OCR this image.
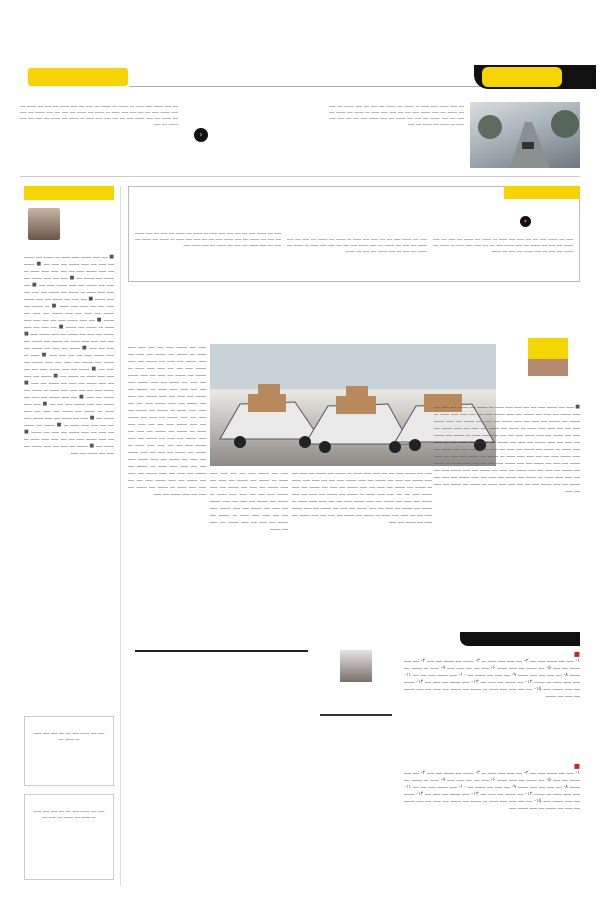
ــــ ـــــ ـــــــ ـــــ ــــــ ـــ ـــــــ ــــ ـــــــ ــــ ـــــ ــــ ـــــ ـــــــ ــــ ـــــ ــــ ـــــــ ــــ ـــــ ـــــــ ـــــ ــــ ــــ ـــــ ـــــ ــــــ ـــ ـــــــ ــــ ـــــــ ــــ ـــــ ــــ ـــــ ـــــــ ــــ ـــــ ــــ ـــــــ ــــ ـــــ ـــــــ ـــــ ــــ ــــ ـــــ ـــــ ــــــ ـــ ـــــــ ــــ ـــــــ ــــ ـــــ
‹
ــــ ـــــ ـــــــ ـــــ ــــــ ـــ ـــــــ ــــ ـــــــ ــــ ـــــ ــــ ـــــ ـــــــ ــــ ـــــ ــــ ـــــــ ــــ ـــــ ـــــــ ـــــ ــــ ــــ ـــــ ـــــ ــــــ ـــ ـــــــ ــــ ـــــــ ــــ ـــــ ــــ ـــــ ـــــــ ــــ ـــــ ــــ ـــــــ ــــ ـــــ ـــــــ ـــــ ــــ ــــ ـــــ ـــــ ــــــ ـــ ـــــــ ــــ ـــــــ ــــ ـــــ ــــ ـــــ ـــــــ ــــ ـــــ
■ ــــ ـــــ ـــــــ ـــــ ــــــ ـــ ـــــــ ــــ ـــــــ ــــ ـــــ ــــ ـــــ ـــــــ ــــ ـــــ ــــ ■ ـــــــ ــــ ـــــ ـــــــ ـــــ ــــ ــــ ـــــ ـــــ ــــــ ـــ ـــــــ ــــ ـــــــ ــــ ■ ـــــ ــــ ـــــ ـــــــ ــــ ـــــ ــــ ـــــــ ــــ ـــــ ـــــــ ـــــ ــــ ■ ــــ ـــــ ـــــ ــــــ ـــ ـــــــ ــــ ـــــــ ــــ ـــــ ــــ ـــــ ـــــــ ■ ــــ ـــــ ــــ ـــــــ ــــ ـــــ ـــــــ ـــــ ــــ ــــ ـــــ ـــــ ــــــ ■ ـــ ـــــــ ــــ ـــــــ ــــ ـــــ ــــ ـــــ ـــــــ ــــ ـــــ ــــ ـــــــ ■ ــــ ـــــ ـــــــ ـــــ ــــ ــــ ـــــ ـــــ ــــــ ـــ ـــــــ ــــ ـــــــ ■ ــــ ـــــ ــــ ـــــ ـــــــ ــــ ـــــ ــــ ـــــــ ــــ ـــــ ـــــــ ـــــ ■ ــــ ــــ ـــــ ـــــ ــــــ ـــ ـــــــ ــــ ـــــــ ــــ ـــــ ــــ ـــــ ■ ـــــــ ــــ ـــــ ــــ ـــــــ ــــ ـــــ ـــــــ ـــــ ــــ ــــ ـــــ ـــــ ■ ــــــ ـــ ـــــــ ــــ ـــــــ ــــ ـــــ ــــ ـــــ ـــــــ ــــ ـــــ ــــ ■ ـــــــ ــــ ـــــ ـــــــ ـــــ ــــ ــــ ـــــ ـــــ ــــــ ـــ ـــــــ ــــ ■ ـــــــ ــــ ـــــ ــــ ـــــ ـــــــ ــــ ـــــ ــــ ـــــــ ــــ ـــــ ■ ـــــــ ـــــ ــــ ــــ ـــــ ـــــ ــــــ ـــ ـــــــ ــــ ـــــــ ــــ ـــــ ■ ــــ ـــــ ـــــــ ــــ ـــــ ــــ ـــــــ ــــ ـــــ ـــــــ ـــــ ــــ ــــ ■ ـــــ ـــــ ــــــ ـــ ـــــــ ــــ ـــــــ ــــ ـــــ ــــ ـــــ ـــــــ ــــ ■ ـــــ ــــ ـــــــ ــــ ـــــ ـــــــ ـــــ ــــ ــــ ـــــ ـــــ ــــــ ـــ ■ ـــــــ ــــ ـــــــ ــــ ـــــ ــــ ـــــ ـــــــ ــــ ـــــ ــــ ـــــــ ■ ــــ ـــــ ـــــــ ـــــ ــــ ــــ ـــــ ـــــ ــــــ ـــ ـــــــ ــــ ■ ـــــــ ــــ ـــــ ــــ ـــــ ـــــــ ــــ ـــــ ــــ ـــــــ ــــ ـــــ
ـــــ ــــ ـــــــ ـــــ ــــ ــــ ـــــ ـــــ ــــــ ـــ ـــــــ ــــ
ـــــ ــــ ـــــــ ـــــ ــــ ــــ ـــــ ـــــ ــــــ ـــ ـــــــ ــــ ـــــــ ــــ ـــــ ــــ
‹
ـــــ ــــ ـــــــ ـــــ ــــ ــــ ـــــ ـــــ ــــــ ـــ ـــــــ ــــ ـــــــ ــــ ـــــ ــــ ـــــ ـــــــ ــــ ـــــ ــــ ـــــــ ــــ ـــــ ـــــــ ـــــ ــــ ــــ ـــــ ـــــ ــــــ ـــ ـــــــ ــــ ـــــــ ــــ ـــــ ــــ ـــــ ـــــــ ــــ ـــــ ــــ ـــــــ
ـــــ ــــ ـــــــ ـــــ ــــ ــــ ـــــ ـــــ ــــــ ـــ ـــــــ ــــ ـــــــ ــــ ـــــ ــــ ـــــ ـــــــ ــــ ـــــ ــــ ـــــــ ــــ ـــــ ـــــــ ـــــ ــــ ــــ ـــــ ـــــ ــــــ ـــ ـــــــ ــــ ـــــــ ــــ ـــــ ــــ ـــــ ـــــــ ــــ ـــــ ــــ ـــــــ
ـــــ ــــ ـــــــ ـــــ ــــ ــــ ـــــ ـــــ ــــــ ـــ ـــــــ ــــ ـــــــ ــــ ـــــ ــــ ـــــ ـــــــ ــــ ـــــ ــــ ـــــــ ــــ ـــــ ـــــــ ـــــ ــــ ــــ ـــــ ـــــ ــــــ ـــ ـــــــ ــــ ـــــــ ــــ ـــــ ــــ ـــــ ـــــــ ــــ ـــــ ــــ ـــــــ ــــ ـــــ ـــــــ ـــــ
■ ـــــ ــــ ـــــــ ـــــ ــــ ــــ ـــــ ـــــ ــــــ ـــ ـــــــ ــــ ـــــــ ــــ ـــــ ــــ ـــــ ـــــــ ــــ ـــــ ــــ ـــــــ ــــ ـــــ ـــــــ ـــــ ــــ ــــ ـــــ ـــــ ــــــ ـــ ـــــــ ــــ ـــــــ ــــ ـــــ ــــ ـــــ ـــــــ ــــ ـــــ ــــ ـــــــ ــــ ـــــ ـــــــ ـــــ ــــ ــــ ـــــ ـــــ ــــــ ـــ ـــــــ ــــ ـــــــ ــــ ـــــ ــــ ـــــ ـــــــ ــــ ـــــ ــــ ـــــــ ــــ ـــــ ـــــــ ـــــ ــــ ــــ ـــــ ـــــ ــــــ ـــ ـــــــ ــــ ـــــــ ــــ ـــــ ــــ ـــــ ـــــــ ــــ ـــــ ــــ ـــــــ ــــ ـــــ ـــــــ ـــــ ــــ ــــ ـــــ ـــــ ــــــ ـــ ـــــــ ــــ ـــــــ ــــ ـــــ ــــ ـــــ ـــــــ ــــ ـــــ ــــ ـــــــ ــــ ـــــ ـــــــ ـــــ ــــ ــــ ـــــ ـــــ ــــــ ـــ ـــــــ ــــ ـــــــ ــــ ـــــ ــــ ـــــ ـــــــ ــــ ـــــ ــــ ـــــــ ــــ ـــــ ـــــــ ـــــ ــــ ــــ ـــــ ـــــ ــــــ ـــ ـــــــ ــــ ـــــــ ــــ ـــــ ــــ ـــــ ـــــــ ــــ ـــــ ــــ ـــــــ ــــ ـــــ ـــــــ ـــــ ــــ ــــ ـــــ ـــــ ــــــ ـــ ـــــــ ــــ ـــــــ ــــ ـــــ ــــ ـــــ ـــــــ ــــ ـــــ ــــ ـــــــ ــــ ـــــ ـــــــ ـــــ ــــ ــــ ـــــ ـــــ ــــــ ـــ ـــــــ ــــ ـــــــ ــــ ـــــ ــــ ـــــ
ـــــ ــــ ـــــــ ـــــ ــــ ــــ ـــــ ـــــ ــــــ ـــ ـــــــ ــــ ـــــــ ــــ ـــــ ــــ ـــــ ـــــــ ــــ ـــــ ــــ ـــــــ ــــ ـــــ ـــــــ ـــــ ــــ ــــ ـــــ ـــــ ــــــ ـــ ـــــــ ــــ ـــــــ ــــ ـــــ ــــ ـــــ ـــــــ ــــ ـــــ ــــ ـــــــ ــــ ـــــ ـــــــ ـــــ ــــ ــــ ـــــ ـــــ ــــــ ـــ ـــــــ ــــ ـــــــ ــــ ـــــ ــــ ـــــ ـــــــ ــــ ـــــ ــــ ـــــــ ــــ ـــــ ـــــــ ـــــ ــــ ــــ ـــــ ـــــ ــــــ ـــ ـــــــ ــــ ـــــــ ــــ ـــــ ــــ ـــــ ـــــــ ــــ ـــــ ــــ ـــــــ ــــ ـــــ ـــــــ ـــــ ــــ ــــ ـــــ ـــــ ــــــ ـــ ـــــــ ــــ ـــــــ ــــ ـــــ ــــ ـــــ ـــــــ ــــ ـــــ ــــ ـــــــ ــــ ـــــ
ـــــ ــــ ـــــــ ـــــ ــــ ــــ ـــــ ـــــ ــــــ ـــ ـــــــ ــــ ـــــــ ــــ ـــــ ــــ ـــــ ـــــــ ــــ ـــــ ــــ ـــــــ ــــ ـــــ ـــــــ ـــــ ــــ ــــ ـــــ ـــــ ــــــ ـــ ـــــــ ــــ ـــــــ ــــ ـــــ ــــ ـــــ ـــــــ ــــ ـــــ ــــ ـــــــ ــــ ـــــ ـــــــ ـــــ ــــ ــــ ـــــ ـــــ ــــــ ـــ ـــــــ ــــ ـــــــ ــــ ـــــ ــــ ـــــ ـــــــ ــــ ـــــ ــــ ـــــــ
ـــــ ــــ ـــــــ ـــــ ــــ ــــ ـــــ ـــــ ــــــ ـــ ـــــــ ــــ ـــــــ ــــ ـــــ ــــ ـــــ ـــــــ ــــ ـــــ ــــ ـــــــ ــــ ـــــ ـــــــ ـــــ ــــ ــــ ـــــ ـــــ ــــــ ـــ ـــــــ ــــ ـــــــ ــــ ـــــ ــــ ـــــ ـــــــ ــــ ـــــ ــــ ـــــــ ــــ ـــــ ـــــــ ـــــ ــــ ــــ ـــــ ـــــ ــــــ ـــ ـــــــ ــــ ـــــــ ــــ ـــــ ــــ ـــــ ـــــــ ــــ ـــــ ــــ ـــــــ ــــ ـــــ ـــــــ ـــــ ــــ ــــ ـــــ ـــــ ــــــ ـــ ـــــــ ــــ ـــــــ ــــ ـــــ ــــ ـــــ ـــــــ ــــ ـــــ ــــ ـــــــ ــــ ـــــ ـــــــ ـــــ ــــ ــــ ـــــ ـــــ ــــــ ـــ ـــــــ ــــ ـــــــ ــــ ـــــ ــــ ـــــ ـــــــ ــــ ـــــ ــــ ـــــــ ــــ ـــــ ـــــــ ـــــ ــــ ــــ ـــــ ـــــ ــــــ ـــ ـــــــ ــــ ـــــــ ــــ ـــــ ــــ ـــــ ـــــــ ــــ ـــــ ــــ ـــــــ ــــ ـــــ ـــــــ ـــــ ــــ ــــ ـــــ ـــــ ــــــ ـــ ـــــــ ــــ ـــــــ ــــ ـــــ ــــ ـــــ ـــــــ ــــ ـــــ ــــ ـــــــ ــــ ـــــ ـــــــ ـــــ ــــ ــــ ـــــ ـــــ ــــــ ـــ ـــــــ ــــ ـــــــ ــــ ـــــ ــــ ـــــ ـــــــ ــــ ـــــ
■
۱- ـــــ ــــ ـــــــ ـــــ ــــ ۲- ــــ ـــــ ـــــ ــــــ ـــ ۳- ـــــــ ــــ ـــــــ ــــ ـــــ ۴- ــــ ـــــ ـــــــ ــــ ـــــ ۵- ــــ ـــــــ ــــ ـــــ ـــــــ ۶- ـــــ ــــ ــــ ـــــ ـــــ ۷- ــــــ ـــ ـــــــ ــــ ـــــــ ۸- ــــ ـــــ ــــ ـــــ ـــــــ ۹- ــــ ـــــ ــــ ـــــــ ــــ ۱۰- ـــــ ـــــــ ـــــ ــــ ــــ ۱۱- ـــــ ـــــ ــــــ ـــ ـــــــ ۱۲- ــــ ـــــــ ــــ ـــــ ــــ ۱۳- ـــــ ـــــــ ــــ ـــــ ــــ ۱۴- ـــــــ ــــ ـــــ ـــــــ ـــــ ۱۵- ــــ ــــ ـــــ ـــــ ــــــ ـــ ـــــــ ــــ ـــــــ ــــ ـــــ ــــ ـــــ ـــــــ ــــ ـــــ ــــ ـــــــ
■
۱- ـــــ ــــ ـــــــ ـــــ ــــ ۲- ــــ ـــــ ـــــ ــــــ ـــ ۳- ـــــــ ــــ ـــــــ ــــ ـــــ ۴- ــــ ـــــ ـــــــ ــــ ـــــ ۵- ــــ ـــــــ ــــ ـــــ ـــــــ ۶- ـــــ ــــ ــــ ـــــ ـــــ ۷- ــــــ ـــ ـــــــ ــــ ـــــــ ۸- ــــ ـــــ ــــ ـــــ ـــــــ ۹- ــــ ـــــ ــــ ـــــــ ــــ ۱۰- ـــــ ـــــــ ـــــ ــــ ــــ ۱۱- ـــــ ـــــ ــــــ ـــ ـــــــ ۱۲- ــــ ـــــــ ــــ ـــــ ــــ ۱۳- ـــــ ـــــــ ــــ ـــــ ــــ ۱۴- ـــــــ ــــ ـــــ ـــــــ ـــــ ۱۵- ــــ ــــ ـــــ ـــــ ــــــ ـــ ـــــــ ــــ ـــــــ ــــ ـــــ ــــ ـــــ ـــــــ ــــ ـــــ ــــ ـــــــ ــــ ـــــ ـــــــ ـــــ
